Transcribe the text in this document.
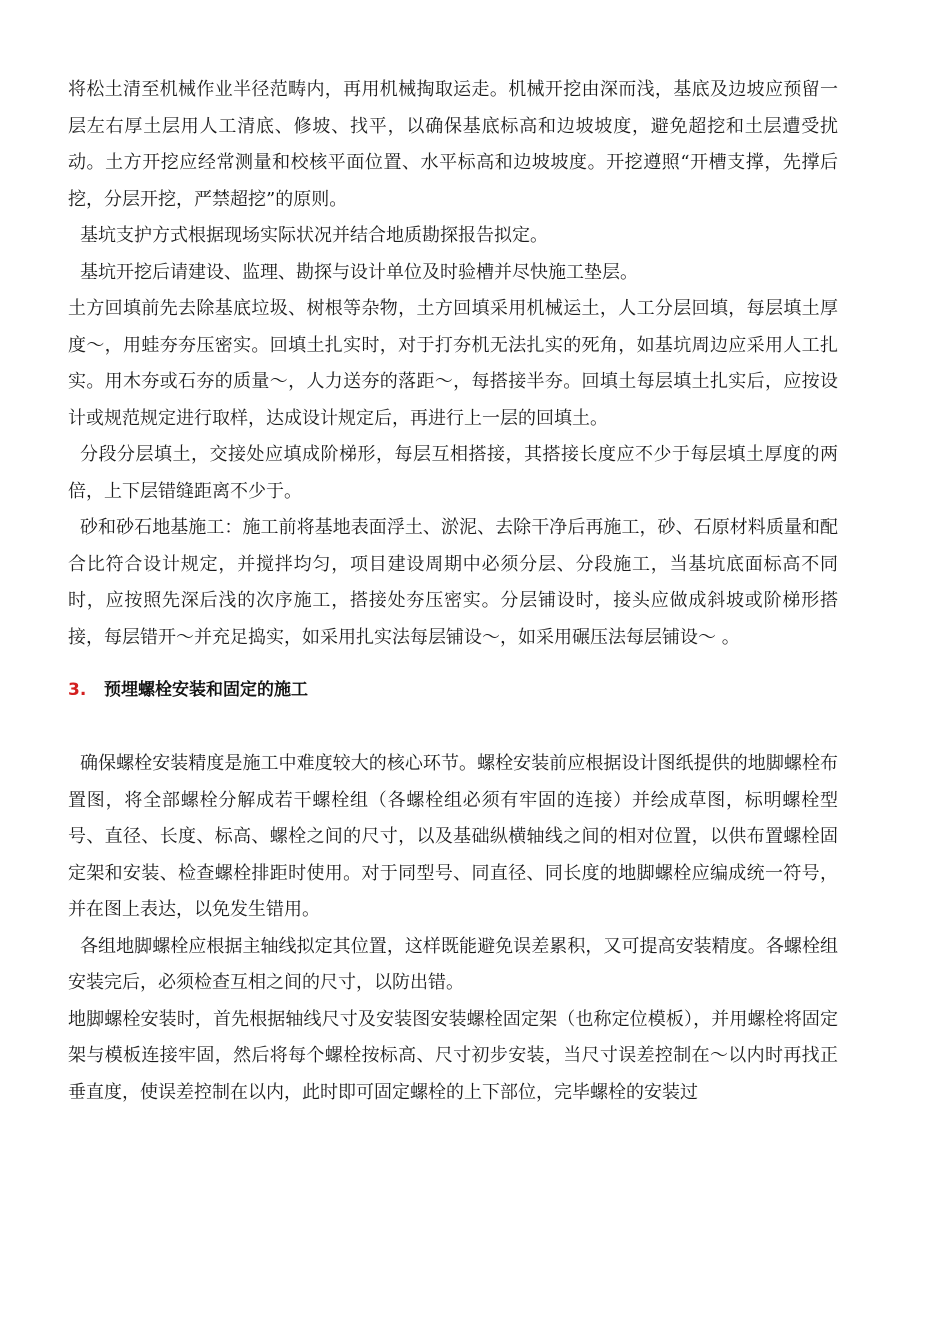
将松土清至机械作业半径范畴内，再用机械掏取运走。机械开挖由深而浅，基底及边坡应预留一层左右厚土层用人工清底、修坡、找平，以确保基底标高和边坡坡度，避免超挖和土层遭受扰动。土方开挖应经常测量和校核平面位置、水平标高和边坡坡度。开挖遵照“开槽支撑，先撑后挖，分层开挖，严禁超挖”的原则。

基坑支护方式根据现场实际状况并结合地质勘探报告拟定。

基坑开挖后请建设、监理、勘探与设计单位及时验槽并尽快施工垫层。

土方回填前先去除基底垃圾、树根等杂物，土方回填采用机械运土，人工分层回填，每层填土厚度～，用蛙夯夯压密实。回填土扎实时，对于打夯机无法扎实的死角，如基坑周边应采用人工扎实。用木夯或石夯的质量～，人力送夯的落距～，每搭接半夯。回填土每层填土扎实后，应按设计或规范规定进行取样，达成设计规定后，再进行上一层的回填土。

分段分层填土，交接处应填成阶梯形，每层互相搭接，其搭接长度应不少于每层填土厚度的两倍，上下层错缝距离不少于。

砂和砂石地基施工：施工前将基地表面浮土、淤泥、去除干净后再施工，砂、石原材料质量和配合比符合设计规定，并搅拌均匀，项目建设周期中必须分层、分段施工，当基坑底面标高不同时，应按照先深后浅的次序施工，搭接处夯压密实。分层铺设时，接头应做成斜坡或阶梯形搭接，每层错开～并充足捣实，如采用扎实法每层铺设～，如采用碾压法每层铺设～ 。

3. 预埋螺栓安装和固定的施工

确保螺栓安装精度是施工中难度较大的核心环节。螺栓安装前应根据设计图纸提供的地脚螺栓布置图，将全部螺栓分解成若干螺栓组（各螺栓组必须有牢固的连接）并绘成草图，标明螺栓型号、直径、长度、标高、螺栓之间的尺寸，以及基础纵横轴线之间的相对位置，以供布置螺栓固定架和安装、检查螺栓排距时使用。对于同型号、同直径、同长度的地脚螺栓应编成统一符号，并在图上表达，以免发生错用。

各组地脚螺栓应根据主轴线拟定其位置，这样既能避免误差累积，又可提高安装精度。各螺栓组安装完后，必须检查互相之间的尺寸，以防出错。

地脚螺栓安装时，首先根据轴线尺寸及安装图安装螺栓固定架（也称定位模板），并用螺栓将固定架与模板连接牢固，然后将每个螺栓按标高、尺寸初步安装，当尺寸误差控制在～以内时再找正垂直度，使误差控制在以内，此时即可固定螺栓的上下部位，完毕螺栓的安装过
